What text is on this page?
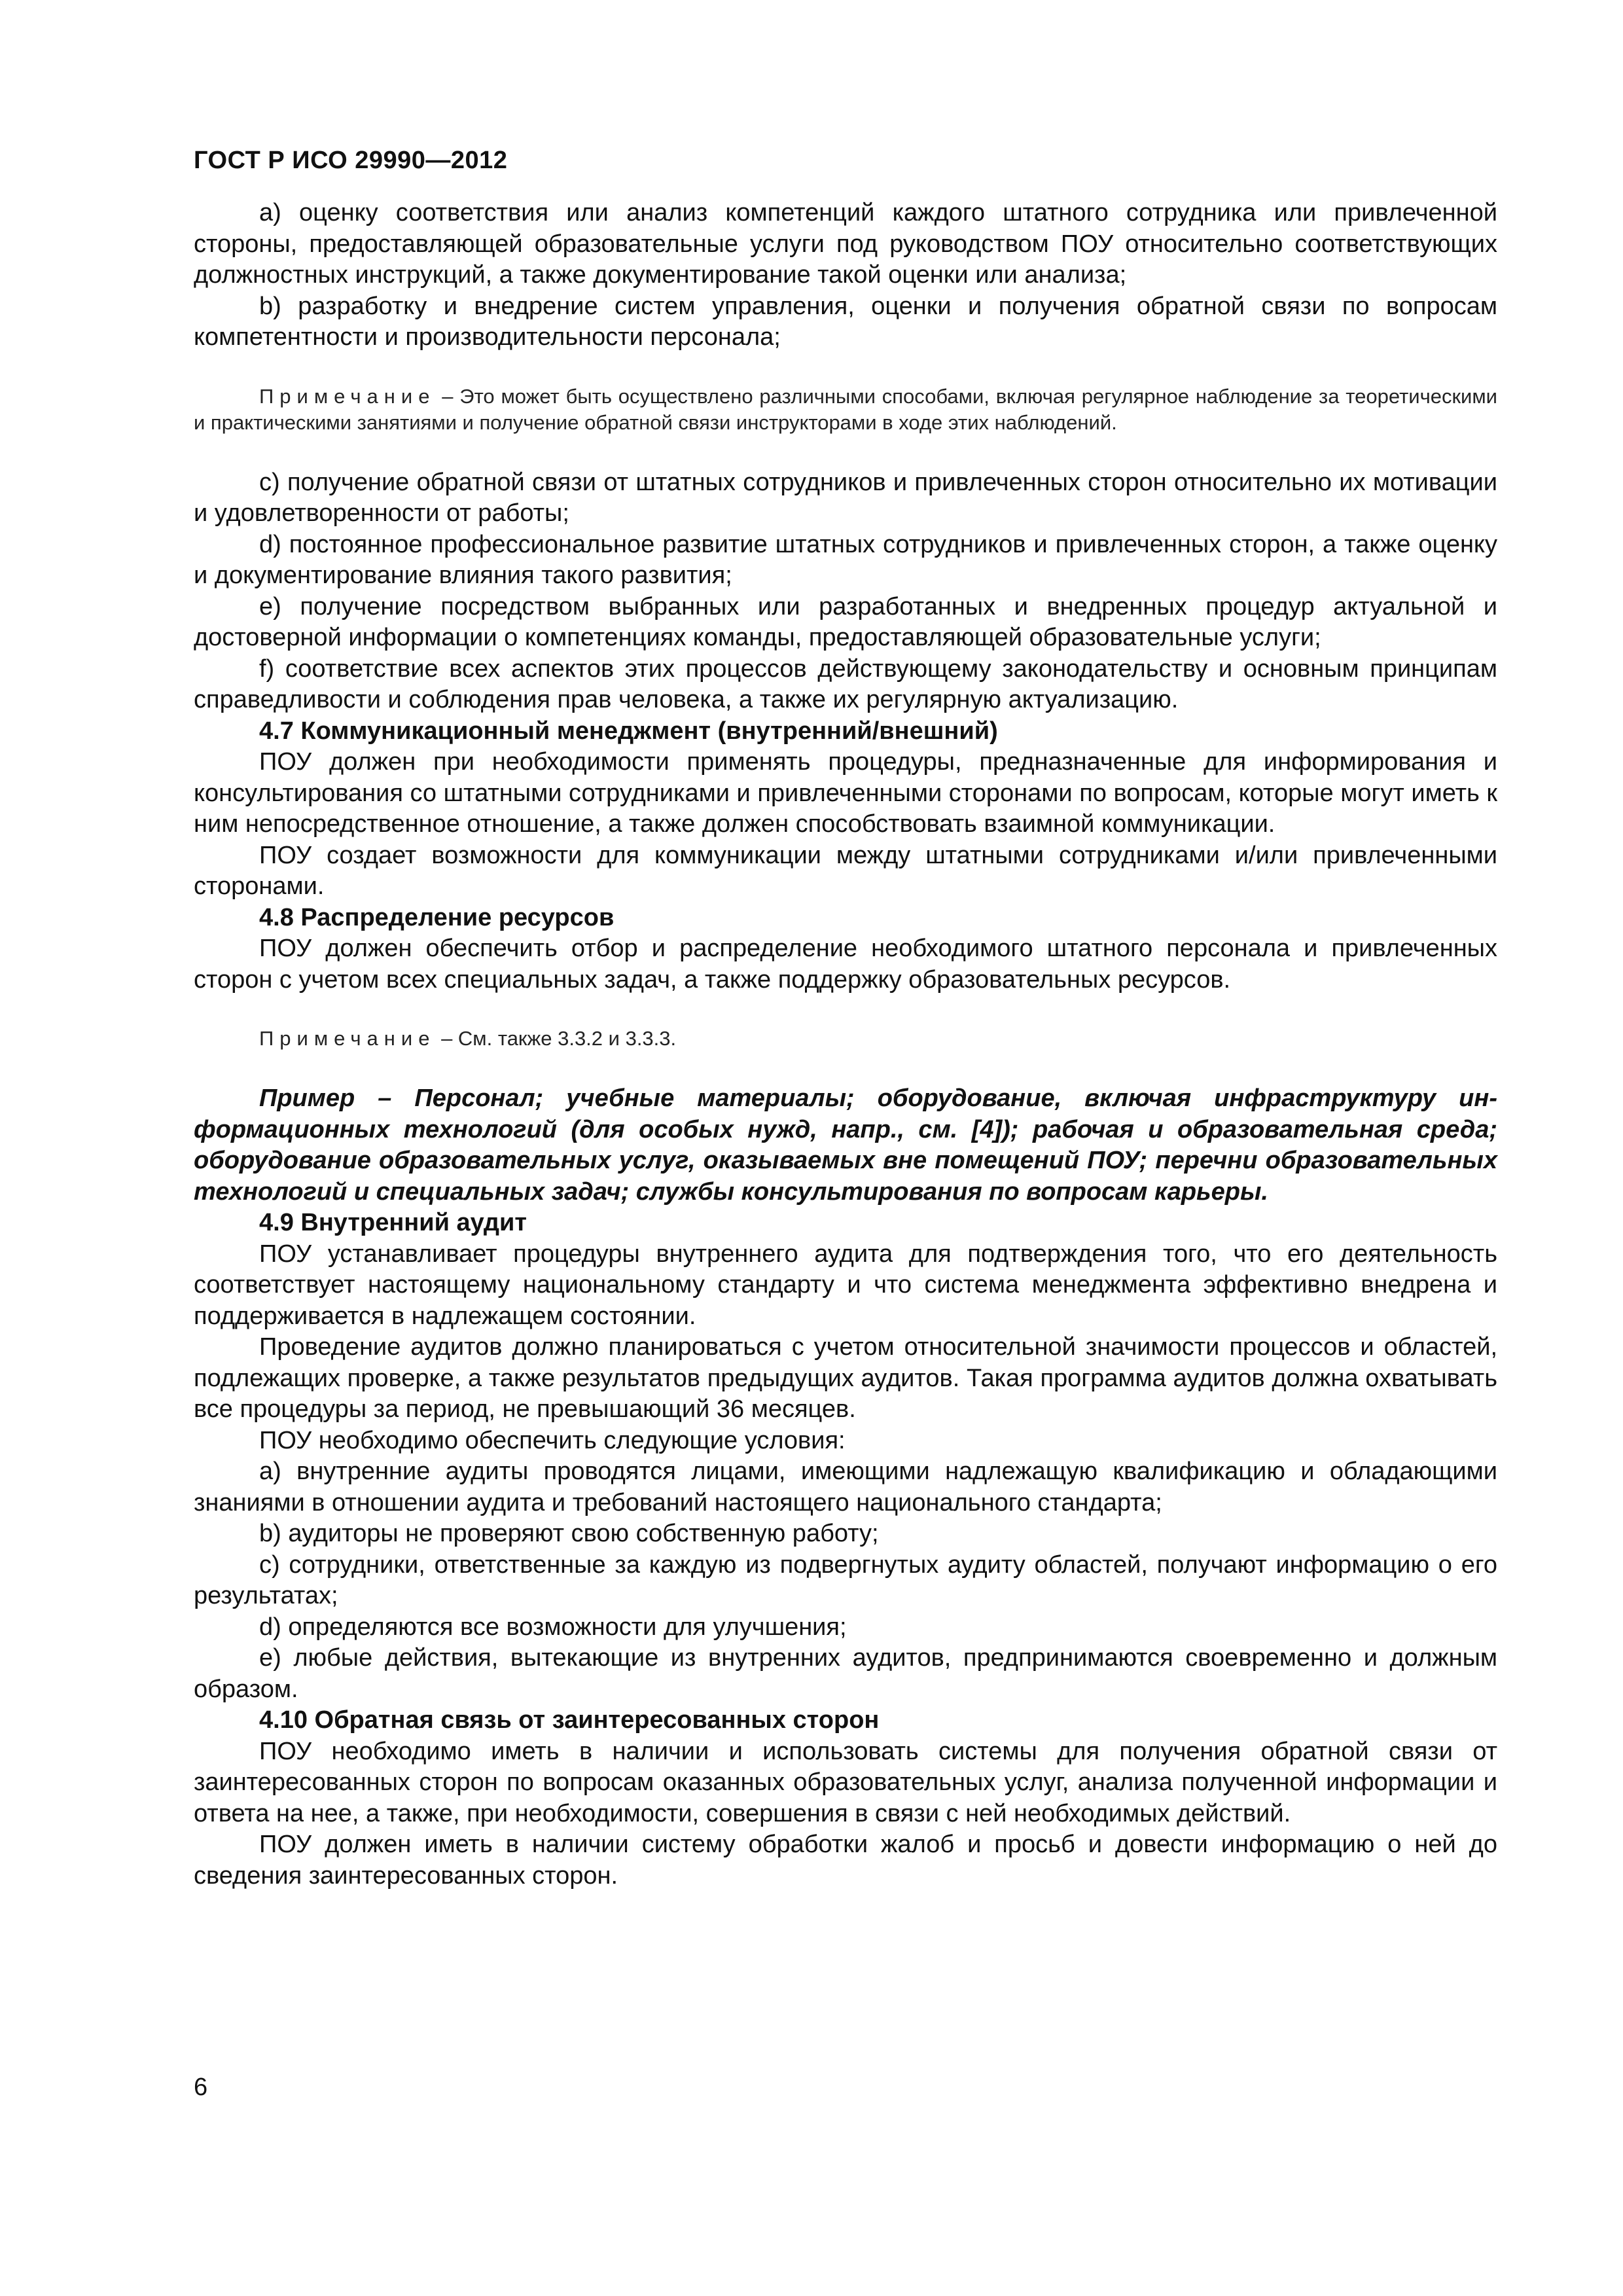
ГОСТ Р ИСО 29990—2012

a) оценку соответствия или анализ компетенций каждого штатного сотрудника или привлеченной стороны, предоставляющей образовательные услуги под руководством ПОУ относительно соответствующих должностных инструкций, а также документирование такой оценки или анализа;

b) разработку и внедрение систем управления, оценки и получения обратной связи по вопросам компетентности и производительности персонала;

Примечание – Это может быть осуществлено различными способами, включая регулярное наблюдение за теоретическими и практическими занятиями и получение обратной связи инструкторами в ходе этих наблюдений.

c) получение обратной связи от штатных сотрудников и привлеченных сторон относительно их мотивации и удовлетворенности от работы;

d) постоянное профессиональное развитие штатных сотрудников и привлеченных сторон, а также оценку и документирование влияния такого развития;

e) получение посредством выбранных или разработанных и внедренных процедур актуальной и достоверной информации о компетенциях команды, предоставляющей образовательные услуги;

f) соответствие всех аспектов этих процессов действующему законодательству и основным принципам справедливости и соблюдения прав человека, а также их регулярную актуализацию.

4.7 Коммуникационный менеджмент (внутренний/внешний)

ПОУ должен при необходимости применять процедуры, предназначенные для информирования и консультирования со штатными сотрудниками и привлеченными сторонами по вопросам, которые могут иметь к ним непосредственное отношение, а также должен способствовать взаимной коммуникации.

ПОУ создает возможности для коммуникации между штатными сотрудниками и/или привлеченными сторонами.

4.8 Распределение ресурсов

ПОУ должен обеспечить отбор и распределение необходимого штатного персонала и привлеченных сторон с учетом всех специальных задач, а также поддержку образовательных ресурсов.

Примечание – См. также 3.3.2 и 3.3.3.

Пример – Персонал; учебные материалы; оборудование, включая инфраструктуру информационных технологий (для особых нужд, напр., см. [4]); рабочая и образовательная среда; оборудование образовательных услуг, оказываемых вне помещений ПОУ; перечни образовательных технологий и специальных задач; службы консультирования по вопросам карьеры.

4.9 Внутренний аудит

ПОУ устанавливает процедуры внутреннего аудита для подтверждения того, что его деятельность соответствует настоящему национальному стандарту и что система менеджмента эффективно внедрена и поддерживается в надлежащем состоянии.

Проведение аудитов должно планироваться с учетом относительной значимости процессов и областей, подлежащих проверке, а также результатов предыдущих аудитов. Такая программа аудитов должна охватывать все процедуры за период, не превышающий 36 месяцев.

ПОУ необходимо обеспечить следующие условия:

a) внутренние аудиты проводятся лицами, имеющими надлежащую квалификацию и обладающими знаниями в отношении аудита и требований настоящего национального стандарта;

b) аудиторы не проверяют свою собственную работу;

c) сотрудники, ответственные за каждую из подвергнутых аудиту областей, получают информацию о его результатах;

d) определяются все возможности для улучшения;

e) любые действия, вытекающие из внутренних аудитов, предпринимаются своевременно и должным образом.

4.10 Обратная связь от заинтересованных сторон

ПОУ необходимо иметь в наличии и использовать системы для получения обратной связи от заинтересованных сторон по вопросам оказанных образовательных услуг, анализа полученной информации и ответа на нее, а также, при необходимости, совершения в связи с ней необходимых действий.

ПОУ должен иметь в наличии систему обработки жалоб и просьб и довести информацию о ней до сведения заинтересованных сторон.

6
